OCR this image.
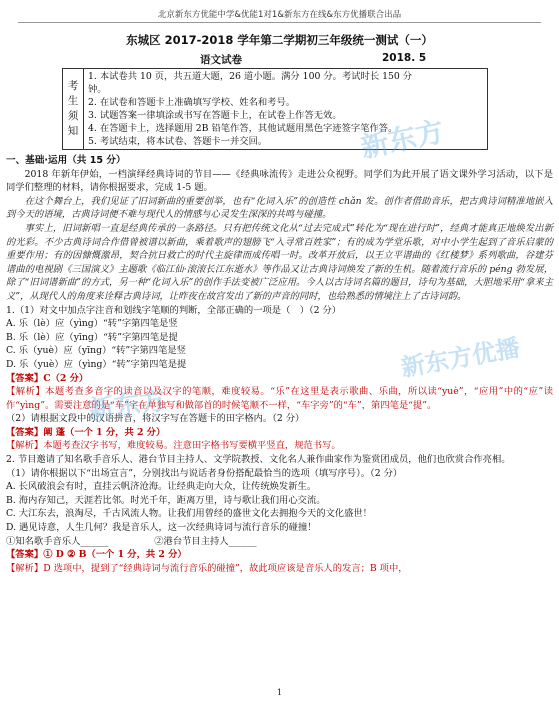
北京新东方优能中学&优能1对1&新东方在线&东方优播联合出品
东城区 2017-2018 学年第二学期初三年级统一测试（一）
语文试卷	2018. 5
考
生
须
知
1. 本试卷共 10 页，共五道大题，26 道小题。满分 100 分。考试时长 150 分
钟。
2. 在试卷和答题卡上准确填写学校、姓名和考号。
3. 试题答案一律填涂或书写在答题卡上，在试卷上作答无效。
4. 在答题卡上，选择题用 2B 铅笔作答，其他试题用黑色字迹签字笔作答。
5. 考试结束，将本试卷、答题卡一并交回。

一、基础·运用（共 15 分）

2018 年新年伊始，一档演绎经典诗词的节目——《经典咏流传》走进公众视野。同学们为此开展了语文课外学习活动，以下是同学们整理的材料，请你根据要求，完成 1-5 题。

在这个舞台上，我们见证了旧词新曲的重要创举，也有“化词入乐”的创造性 chǎn 发。创作者借助音乐，把古典诗词精准地嵌入到今天的语境，古典诗词便不难与现代人的情感与心灵发生深深的共鸣与碰撞。

事实上，旧词新唱一直是经典传承的一条路径。只有把传统文化从“过去完成式”转化为“现在进行时”，经典才能真正地焕发出新的光彩。不少古典诗词合作借曾被谱以新曲，乘着歌声的翅膀飞“入寻常百姓家”；有的成为学堂乐歌，对中小学生起到了音乐启蒙的重要作用；有的因慷慨激昂，契合抗日救亡的时代主旋律而成传唱一时。改革开放后，以王立平谱曲的《红楼梦》系列歌曲，谷建芬谱曲的电视剧《三国演义》主题歌《临江仙·滚滚长江东逝水》等作品又让古典诗词焕发了新的生机。随着流行音乐的 péng 勃发展，除了“旧词谱新曲”的方式，另一种“化词入乐”的创作手法变被广泛应用。今人以古诗词名篇的题目，诗句为基础，大胆地采用“拿来主义”，从现代人的角度来诠释古典诗词，让昨夜在故宫发出了新的声音的同时，也给熟悉的情境注上了古诗词韵。

1.（1）对文中加点字注音和划线字笔顺的判断，全部正确的一项是（　）（2 分）

A. 乐（lè）应（yìng）“转”字第四笔是竖

B. 乐（lè）应（yīng）“转”字第四笔是提

C. 乐（yuè）应（yīng）“转”字第四笔是竖

D. 乐（yuè）应（yìng）“转”字第四笔是提

【答案】C（2 分）

【解析】本题考查多音字的读音以及汉字的笔顺，难度较易。“乐”在这里是表示歌曲、乐曲，所以读“yuè”，“应用”中的“应”读作“yìng”。需要注意的是“车”字在单独写和做部首的时候笔顺不一样，“车字旁”的“车”，第四笔是“提”。

（2）请根据文段中的汉语拼音，将汉字写在答题卡的田字格内。（2 分）

【答案】阐 蓬（一个 1 分，共 2 分）

【解析】本题考查汉字书写，难度较易。注意田字格书写要横平竖直，规范书写。

2. 节目邀请了知名歌手音乐人、港台节目主持人、文学院教授、文化名人兼作曲家作为鉴赏团成员，他们也欣赏合作亮相。

（1）请你根据以下“出场宣言”，分别找出与说话者身份搭配最恰当的选项（填写序号）。（2 分）

A. 长风破浪会有时，直挂云帆济沧海。让经典走向大众，让传统焕发新生。

B. 海内存知己，天涯若比邻。时光千年，距离万里，诗与歌让我们用心交流。

C. 大江东去，浪淘尽，千古风流人物。让我们用曾经的盛世文化去拥抱今天的文化盛世！

D. 遇见诗意，人生几何？我是音乐人，这一次经典诗词与流行音乐的碰撞！

①知名歌手音乐人______	②港台节目主持人______

【答案】① D ② B（一个 1 分，共 2 分）

【解析】D 选项中，提到了“经典诗词与流行音乐的碰撞”，故此项应该是音乐人的发言；B 项中，

新东方
新东方优播
新东方
1
